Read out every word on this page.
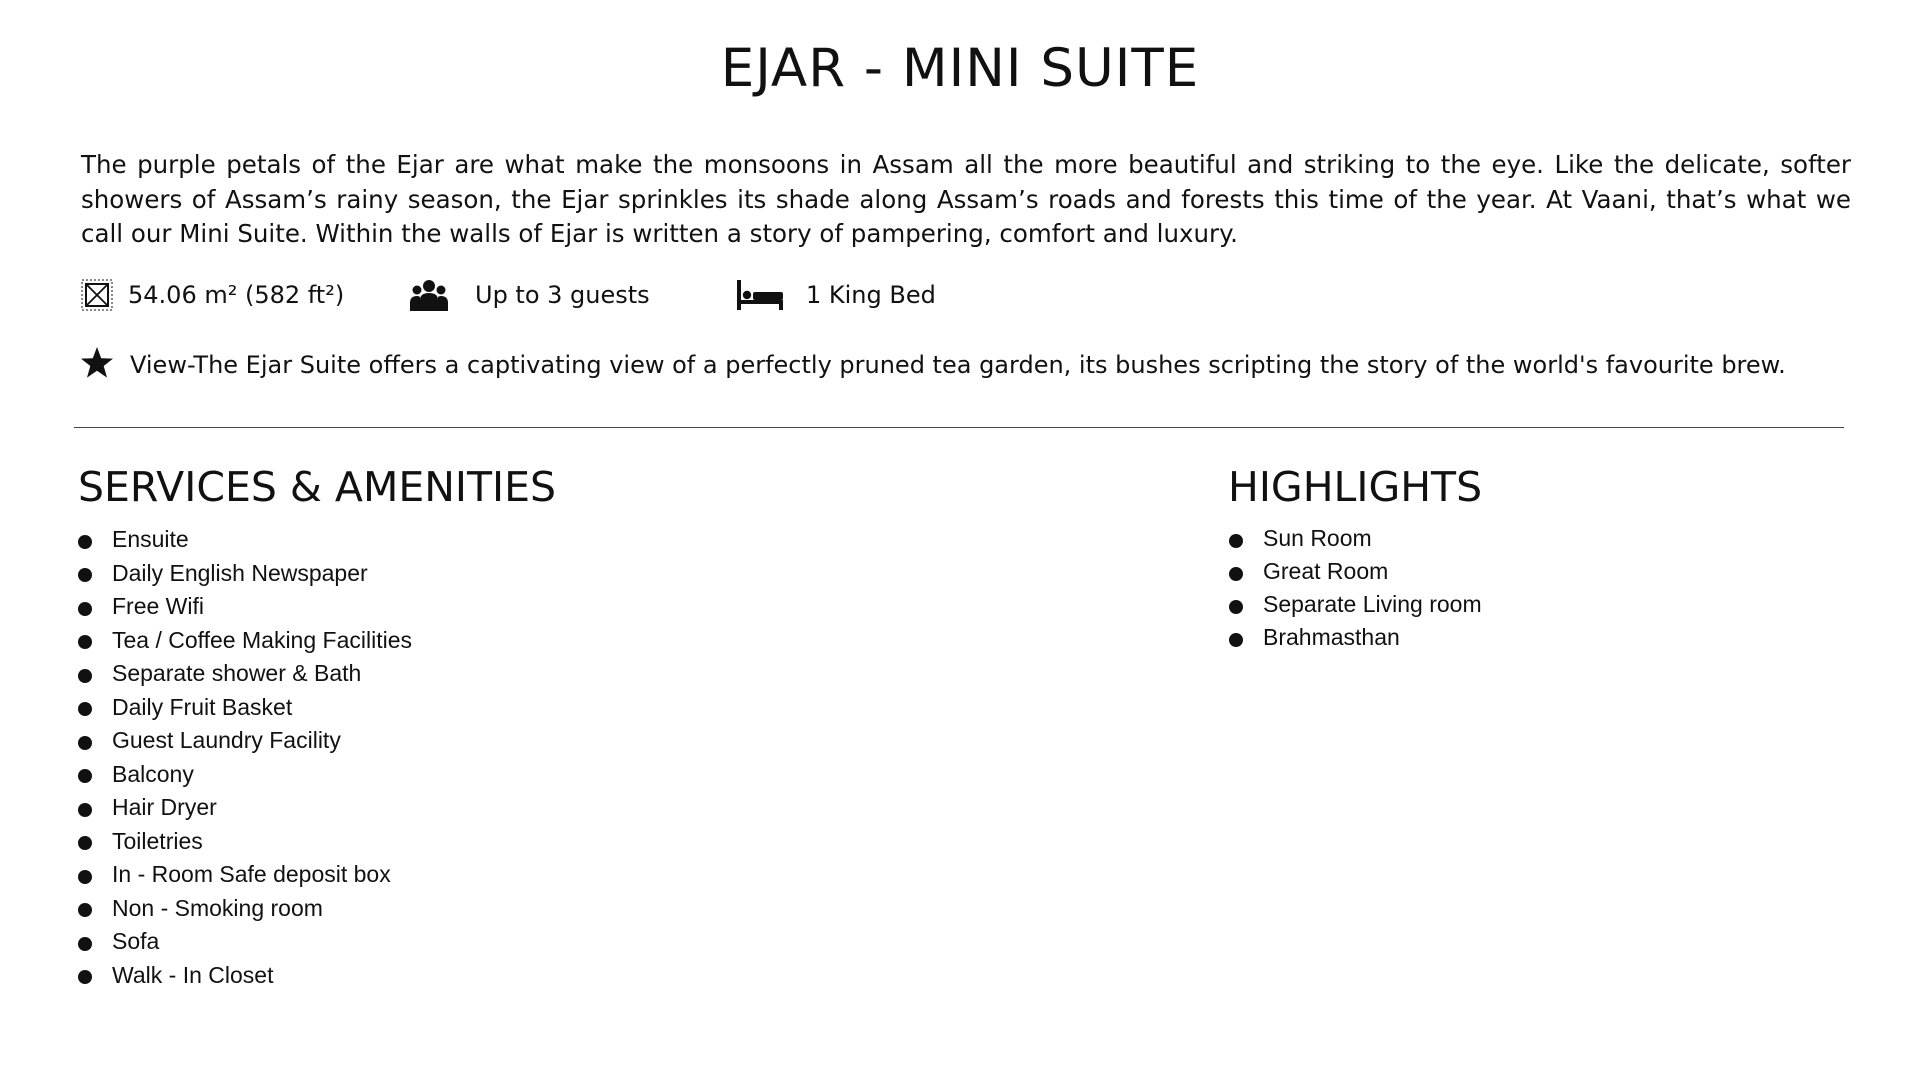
EJAR - MINI SUITE

The purple petals of the Ejar are what make the monsoons in Assam all the more beautiful and striking to the eye. Like the delicate, softer showers of Assam’s rainy season, the Ejar sprinkles its shade along Assam’s roads and forests this time of the year. At Vaani, that’s what we call our Mini Suite. Within the walls of Ejar is written a story of pampering, comfort and luxury.

54.06 m² (582 ft²)	Up to 3 guests	1 King Bed
View-The Ejar Suite offers a captivating view of a perfectly pruned tea garden, its bushes scripting the story of the world's favourite brew.
SERVICES & AMENITIES
Ensuite
Daily English Newspaper
Free Wifi
Tea / Coffee Making Facilities
Separate shower & Bath
Daily Fruit Basket
Guest Laundry Facility
Balcony
Hair Dryer
Toiletries
In - Room Safe deposit box
Non - Smoking room
Sofa
Walk - In Closet
HIGHLIGHTS
Sun Room
Great Room
Separate Living room
Brahmasthan
